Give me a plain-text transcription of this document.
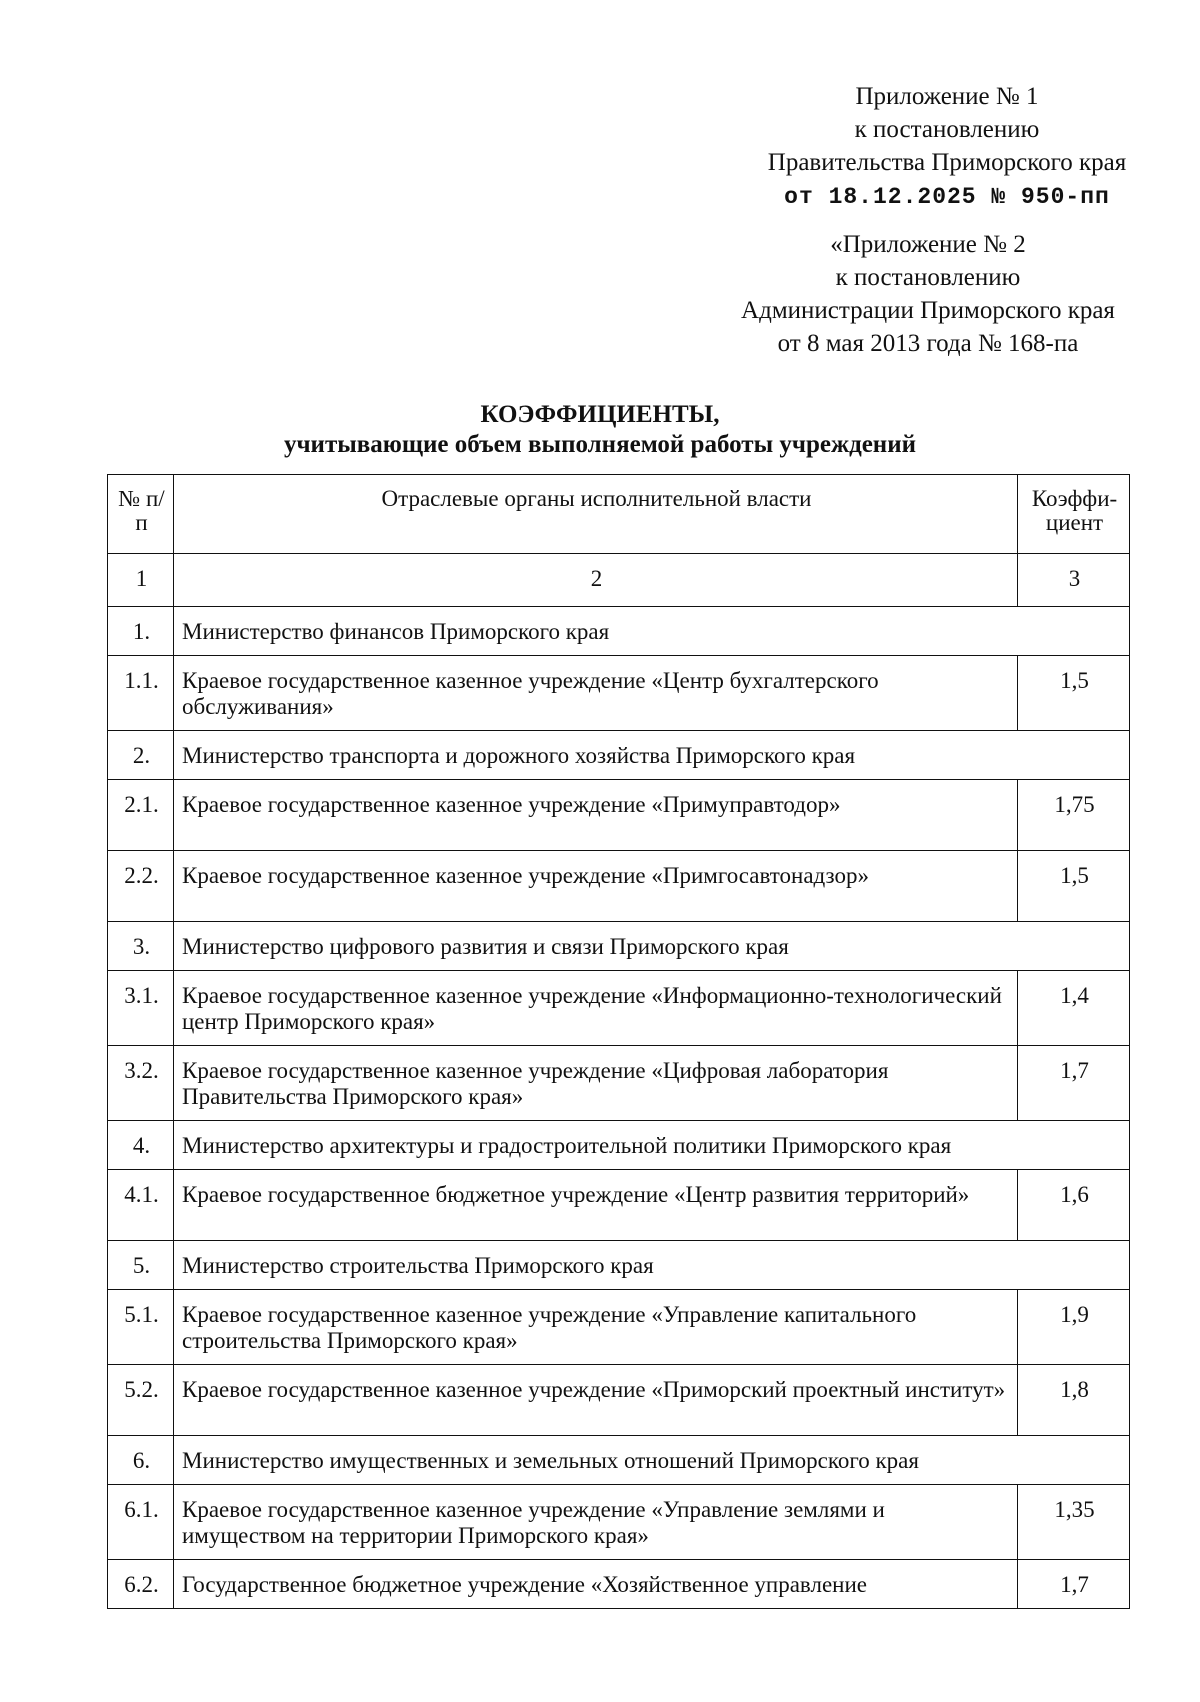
Приложение № 1
к постановлению
Правительства Приморского края
от 18.12.2025 № 950-пп
«Приложение № 2
к постановлению
Администрации Приморского края
от 8 мая 2013 года № 168-па
КОЭФФИЦИЕНТЫ,
учитывающие объем выполняемой работы учреждений
№ п/п	Отраслевые органы исполнительной власти	Коэффи- циент
1	2	3
1.	Министерство финансов Приморского края	
1.1.	Краевое государственное казенное учреждение «Центр бухгалтерского обслуживания»	1,5
2.	Министерство транспорта и дорожного хозяйства Приморского края	
2.1.	Краевое государственное казенное учреждение «Примуправтодор»	1,75
2.2.	Краевое государственное казенное учреждение «Примгосавтонадзор»	1,5
3.	Министерство цифрового развития и связи Приморского края	
3.1.	Краевое государственное казенное учреждение «Информационно-технологический центр Приморского края»	1,4
3.2.	Краевое государственное казенное учреждение «Цифровая лаборатория Правительства Приморского края»	1,7
4.	Министерство архитектуры и градостроительной политики Приморского края	
4.1.	Краевое государственное бюджетное учреждение «Центр развития территорий»	1,6
5.	Министерство строительства Приморского края	
5.1.	Краевое государственное казенное учреждение «Управление капитального строительства Приморского края»	1,9
5.2.	Краевое государственное казенное учреждение «Приморский проектный институт»	1,8
6.	Министерство имущественных и земельных отношений Приморского края	
6.1.	Краевое государственное казенное учреждение «Управление землями и имуществом на территории Приморского края»	1,35
6.2.	Государственное бюджетное учреждение «Хозяйственное управление	1,7
